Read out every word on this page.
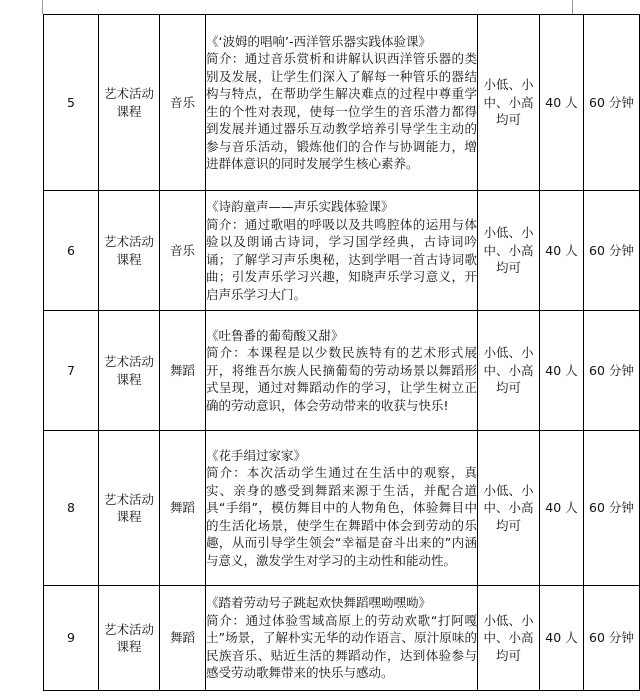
5	艺术活动课程	音乐	《‘波姆的唱响’-西洋管乐器实践体验课》
简介：通过音乐赏析和讲解认识西洋管乐器的类别及发展，让学生们深入了解每一种管乐的器结构与特点，在帮助学生解决难点的过程中尊重学生的个性对表现，使每一位学生的音乐潜力都得到发展并通过器乐互动教学培养引导学生主动的参与音乐活动，锻炼他们的合作与协调能力，增进群体意识的同时发展学生核心素养。	小低、小中、小高均可	40 人	60 分钟
6	艺术活动课程	音乐	《诗韵童声——声乐实践体验课》
简介：通过歌唱的呼吸以及共鸣腔体的运用与体验以及朗诵古诗词，学习国学经典，古诗词吟诵；了解学习声乐奥秘，达到学唱一首古诗词歌曲；引发声乐学习兴趣，知晓声乐学习意义，开启声乐学习大门。	小低、小中、小高均可	40 人	60 分钟
7	艺术活动课程	舞蹈	《吐鲁番的葡萄酸又甜》
简介：本课程是以少数民族特有的艺术形式展开，将维吾尔族人民摘葡萄的劳动场景以舞蹈形式呈现，通过对舞蹈动作的学习，让学生树立正确的劳动意识，体会劳动带来的收获与快乐!	小低、小中、小高均可	40 人	60 分钟
8	艺术活动课程	舞蹈	《花手绢过家家》
简介：本次活动学生通过在生活中的观察，真实、亲身的感受到舞蹈来源于生活，并配合道具“手绢”，模仿舞目中的人物角色，体验舞目中的生活化场景，使学生在舞蹈中体会到劳动的乐趣，从而引导学生领会“幸福是奋斗出来的”内涵与意义，激发学生对学习的主动性和能动性。	小低、小中、小高均可	40 人	60 分钟
9	艺术活动课程	舞蹈	《踏着劳动号子跳起欢快舞蹈嘿呦嘿呦》
简介：通过体验雪域高原上的劳动欢歌“打阿嘎土”场景，了解朴实无华的动作语言、原汁原味的民族音乐、贴近生活的舞蹈动作，达到体验参与感受劳动歌舞带来的快乐与感动。	小低、小中、小高均可	40 人	60 分钟
